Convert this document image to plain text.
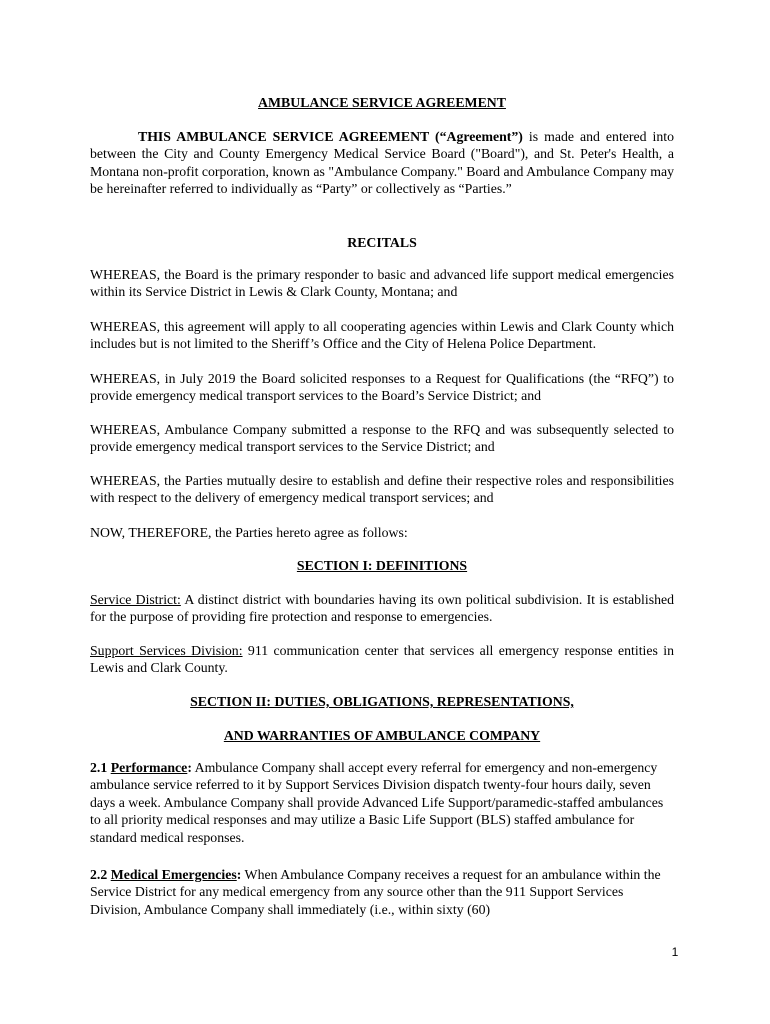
AMBULANCE SERVICE AGREEMENT

THIS AMBULANCE SERVICE AGREEMENT (“Agreement”) is made and entered into between the City and County Emergency Medical Service Board ("Board"), and St. Peter's Health, a Montana non-profit corporation, known as "Ambulance Company." Board and Ambulance Company may be hereinafter referred to individually as “Party” or collectively as “Parties.”

RECITALS

WHEREAS, the Board is the primary responder to basic and advanced life support medical emergencies within its Service District in Lewis & Clark County, Montana; and

WHEREAS, this agreement will apply to all cooperating agencies within Lewis and Clark County which includes but is not limited to the Sheriff’s Office and the City of Helena Police Department.

WHEREAS, in July 2019 the Board solicited responses to a Request for Qualifications (the “RFQ”) to provide emergency medical transport services to the Board’s Service District; and

WHEREAS, Ambulance Company submitted a response to the RFQ and was subsequently selected to provide emergency medical transport services to the Service District; and

WHEREAS, the Parties mutually desire to establish and define their respective roles and responsibilities with respect to the delivery of emergency medical transport services; and

NOW, THEREFORE, the Parties hereto agree as follows:

SECTION I: DEFINITIONS

Service District: A distinct district with boundaries having its own political subdivision. It is established for the purpose of providing fire protection and response to emergencies.

Support Services Division: 911 communication center that services all emergency response entities in Lewis and Clark County.

SECTION II: DUTIES, OBLIGATIONS, REPRESENTATIONS,
AND WARRANTIES OF AMBULANCE COMPANY

2.1 Performance: Ambulance Company shall accept every referral for emergency and non-emergency ambulance service referred to it by Support Services Division dispatch twenty-four hours daily, seven days a week. Ambulance Company shall provide Advanced Life Support/paramedic-staffed ambulances to all priority medical responses and may utilize a Basic Life Support (BLS) staffed ambulance for standard medical responses.

2.2 Medical Emergencies: When Ambulance Company receives a request for an ambulance within the Service District for any medical emergency from any source other than the 911 Support Services Division, Ambulance Company shall immediately (i.e., within sixty (60)

1
